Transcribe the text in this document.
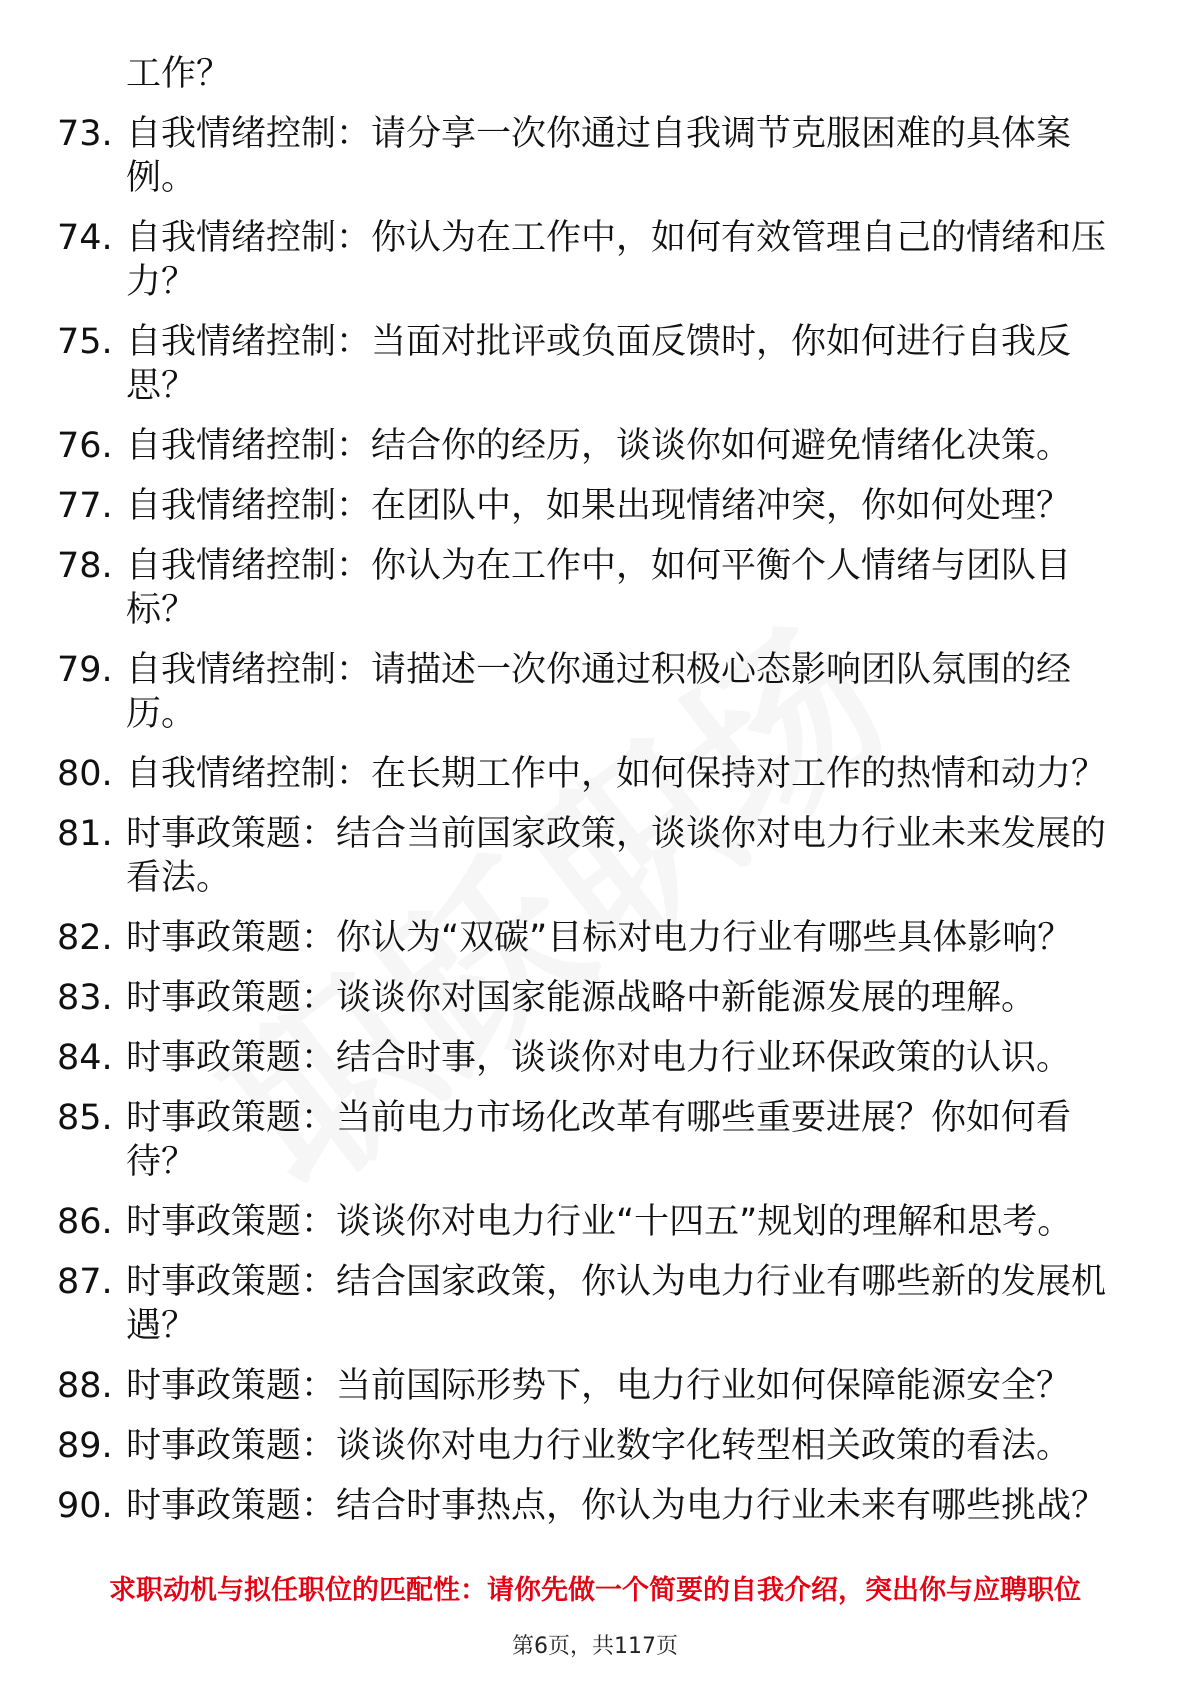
工作？
73. 自我情绪控制：请分享一次你通过自我调节克服困难的具体案例。
74. 自我情绪控制：你认为在工作中，如何有效管理自己的情绪和压力？
75. 自我情绪控制：当面对批评或负面反馈时，你如何进行自我反思？
76. 自我情绪控制：结合你的经历，谈谈你如何避免情绪化决策。
77. 自我情绪控制：在团队中，如果出现情绪冲突，你如何处理？
78. 自我情绪控制：你认为在工作中，如何平衡个人情绪与团队目标？
79. 自我情绪控制：请描述一次你通过积极心态影响团队氛围的经历。
80. 自我情绪控制：在长期工作中，如何保持对工作的热情和动力？
81. 时事政策题：结合当前国家政策，谈谈你对电力行业未来发展的看法。
82. 时事政策题：你认为“双碳”目标对电力行业有哪些具体影响？
83. 时事政策题：谈谈你对国家能源战略中新能源发展的理解。
84. 时事政策题：结合时事，谈谈你对电力行业环保政策的认识。
85. 时事政策题：当前电力市场化改革有哪些重要进展？你如何看待？
86. 时事政策题：谈谈你对电力行业“十四五”规划的理解和思考。
87. 时事政策题：结合国家政策，你认为电力行业有哪些新的发展机遇？
88. 时事政策题：当前国际形势下，电力行业如何保障能源安全？
89. 时事政策题：谈谈你对电力行业数字化转型相关政策的看法。
90. 时事政策题：结合时事热点，你认为电力行业未来有哪些挑战？
求职动机与拟任职位的匹配性：请你先做一个简要的自我介绍，突出你与应聘职位
第6页，共117页
